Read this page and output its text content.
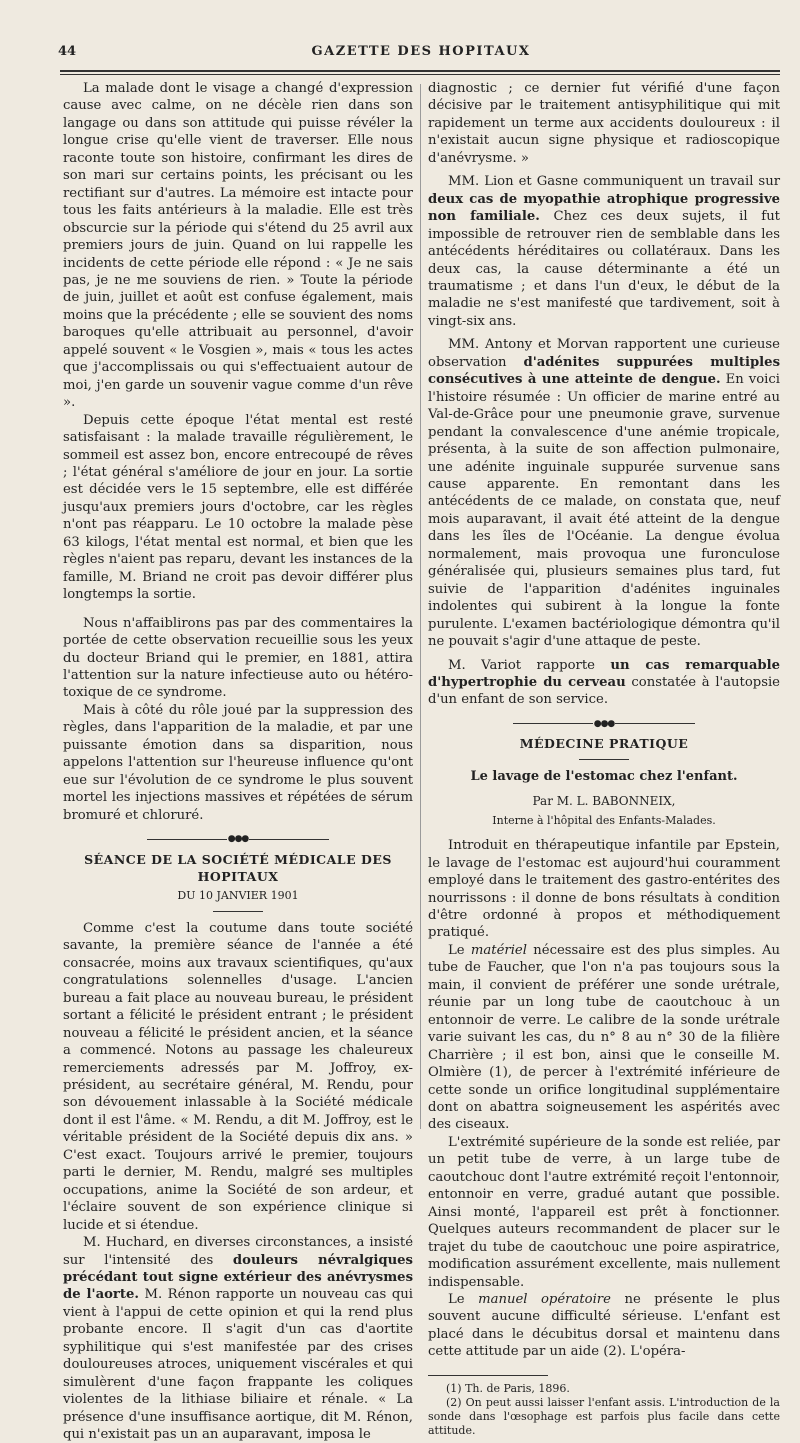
44	GAZETTE DES HOPITAUX

La malade dont le visage a changé d'expression cause avec calme, on ne décèle rien dans son langage ou dans son attitude qui puisse révéler la longue crise qu'elle vient de traverser. Elle nous raconte toute son histoire, confirmant les dires de son mari sur certains points, les précisant ou les rectifiant sur d'autres. La mémoire est intacte pour tous les faits antérieurs à la maladie. Elle est très obscurcie sur la période qui s'étend du 25 avril aux premiers jours de juin. Quand on lui rappelle les incidents de cette période elle répond : « Je ne sais pas, je ne me souviens de rien. » Toute la période de juin, juillet et août est confuse également, mais moins que la précédente ; elle se souvient des noms baroques qu'elle attribuait au personnel, d'avoir appelé souvent « le Vosgien », mais « tous les actes que j'accomplissais ou qui s'effectuaient autour de moi, j'en garde un souvenir vague comme d'un rêve ».

Depuis cette époque l'état mental est resté satisfaisant : la malade travaille régulièrement, le sommeil est assez bon, encore entrecoupé de rêves ; l'état général s'améliore de jour en jour. La sortie est décidée vers le 15 septembre, elle est différée jusqu'aux premiers jours d'octobre, car les règles n'ont pas réapparu. Le 10 octobre la malade pèse 63 kilogs, l'état mental est normal, et bien que les règles n'aient pas reparu, devant les instances de la famille, M. Briand ne croit pas devoir différer plus longtemps la sortie.

Nous n'affaiblirons pas par des commentaires la portée de cette observation recueillie sous les yeux du docteur Briand qui le premier, en 1881, attira l'attention sur la nature infectieuse auto ou hétéro-toxique de ce syndrome.

Mais à côté du rôle joué par la suppression des règles, dans l'apparition de la maladie, et par une puissante émotion dans sa disparition, nous appelons l'attention sur l'heureuse influence qu'ont eue sur l'évolution de ce syndrome le plus souvent mortel les injections massives et répétées de sérum bromuré et chloruré.

●●●

SÉANCE DE LA SOCIÉTÉ MÉDICALE DES HOPITAUX

DU 10 JANVIER 1901

Comme c'est la coutume dans toute société savante, la première séance de l'année a été consacrée, moins aux travaux scientifiques, qu'aux congratulations solennelles d'usage. L'ancien bureau a fait place au nouveau bureau, le président sortant a félicité le président entrant ; le président nouveau a félicité le président ancien, et la séance a commencé. Notons au passage les chaleureux remerciements adressés par M. Joffroy, ex-président, au secrétaire général, M. Rendu, pour son dévouement inlassable à la Société médicale dont il est l'âme. « M. Rendu, a dit M. Joffroy, est le véritable président de la Société depuis dix ans. » C'est exact. Toujours arrivé le premier, toujours parti le dernier, M. Rendu, malgré ses multiples occupations, anime la Société de son ardeur, et l'éclaire souvent de son expérience clinique si lucide et si étendue.

M. Huchard, en diverses circonstances, a insisté sur l'intensité des douleurs névralgiques précédant tout signe extérieur des anévrysmes de l'aorte. M. Rénon rapporte un nouveau cas qui vient à l'appui de cette opinion et qui la rend plus probante encore. Il s'agit d'un cas d'aortite syphilitique qui s'est manifestée par des crises douloureuses atroces, uniquement viscérales et qui simulèrent d'une façon frappante les coliques violentes de la lithiase biliaire et rénale. « La présence d'une insuffisance aortique, dit M. Rénon, qui n'existait pas un an auparavant, imposa le

diagnostic ; ce dernier fut vérifié d'une façon décisive par le traitement antisyphilitique qui mit rapidement un terme aux accidents douloureux : il n'existait aucun signe physique et radioscopique d'anévrysme. »

MM. Lion et Gasne communiquent un travail sur deux cas de myopathie atrophique progressive non familiale. Chez ces deux sujets, il fut impossible de retrouver rien de semblable dans les antécédents héréditaires ou collatéraux. Dans les deux cas, la cause déterminante a été un traumatisme ; et dans l'un d'eux, le début de la maladie ne s'est manifesté que tardivement, soit à vingt-six ans.

MM. Antony et Morvan rapportent une curieuse observation d'adénites suppurées multiples consécutives à une atteinte de dengue. En voici l'histoire résumée : Un officier de marine entré au Val-de-Grâce pour une pneumonie grave, survenue pendant la convalescence d'une anémie tropicale, présenta, à la suite de son affection pulmonaire, une adénite inguinale suppurée survenue sans cause apparente. En remontant dans les antécédents de ce malade, on constata que, neuf mois auparavant, il avait été atteint de la dengue dans les îles de l'Océanie. La dengue évolua normalement, mais provoqua une furonculose généralisée qui, plusieurs semaines plus tard, fut suivie de l'apparition d'adénites inguinales indolentes qui subirent à la longue la fonte purulente. L'examen bactériologique démontra qu'il ne pouvait s'agir d'une attaque de peste.

M. Variot rapporte un cas remarquable d'hypertrophie du cerveau constatée à l'autopsie d'un enfant de son service.

●●●

MÉDECINE PRATIQUE

Le lavage de l'estomac chez l'enfant.

Par M. L. BABONNEIX,

Interne à l'hôpital des Enfants-Malades.

Introduit en thérapeutique infantile par Epstein, le lavage de l'estomac est aujourd'hui couramment employé dans le traitement des gastro-entérites des nourrissons : il donne de bons résultats à condition d'être ordonné à propos et méthodiquement pratiqué.

Le matériel nécessaire est des plus simples. Au tube de Faucher, que l'on n'a pas toujours sous la main, il convient de préférer une sonde urétrale, réunie par un long tube de caoutchouc à un entonnoir de verre. Le calibre de la sonde urétrale varie suivant les cas, du n° 8 au n° 30 de la filière Charrière ; il est bon, ainsi que le conseille M. Olmière (1), de percer à l'extrémité inférieure de cette sonde un orifice longitudinal supplémentaire dont on abattra soigneusement les aspérités avec des ciseaux.

L'extrémité supérieure de la sonde est reliée, par un petit tube de verre, à un large tube de caoutchouc dont l'autre extrémité reçoit l'entonnoir, entonnoir en verre, gradué autant que possible. Ainsi monté, l'appareil est prêt à fonctionner. Quelques auteurs recommandent de placer sur le trajet du tube de caoutchouc une poire aspiratrice, modification assurément excellente, mais nullement indispensable.

Le manuel opératoire ne présente le plus souvent aucune difficulté sérieuse. L'enfant est placé dans le décubitus dorsal et maintenu dans cette attitude par un aide (2). L'opéra-

(1) Th. de Paris, 1896.

(2) On peut aussi laisser l'enfant assis. L'introduction de la sonde dans l'œsophage est parfois plus facile dans cette attitude.
